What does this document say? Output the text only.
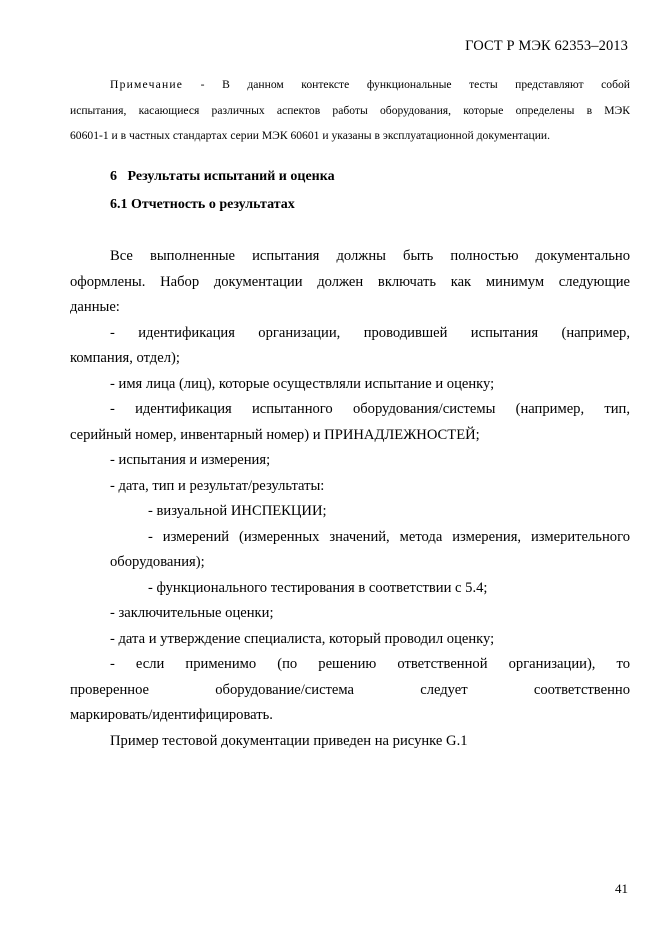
ГОСТ Р МЭК 62353–2013
Примечание - В данном контексте функциональные тесты представляют собой
испытания, касающиеся различных аспектов работы оборудования, которые определены в МЭК
60601-1 и в частных стандартах серии МЭК 60601 и указаны в эксплуатационной документации.
6 Результаты испытаний и оценка
6.1 Отчетность о результатах
Все выполненные испытания должны быть полностью документально
оформлены. Набор документации должен включать как минимум следующие
данные:
- идентификация организации, проводившей испытания (например,
компания, отдел);
- имя лица (лиц), которые осуществляли испытание и оценку;
- идентификация испытанного оборудования/системы (например, тип,
серийный номер, инвентарный номер) и ПРИНАДЛЕЖНОСТЕЙ;
- испытания и измерения;
- дата, тип и результат/результаты:
- визуальной ИНСПЕКЦИИ;
- измерений (измеренных значений, метода измерения, измерительного
оборудования);
- функционального тестирования в соответствии с 5.4;
- заключительные оценки;
- дата и утверждение специалиста, который проводил оценку;
- если применимо (по решению ответственной организации), то
проверенное оборудование/система следует соответственно
маркировать/идентифицировать.
Пример тестовой документации приведен на рисунке G.1
41
